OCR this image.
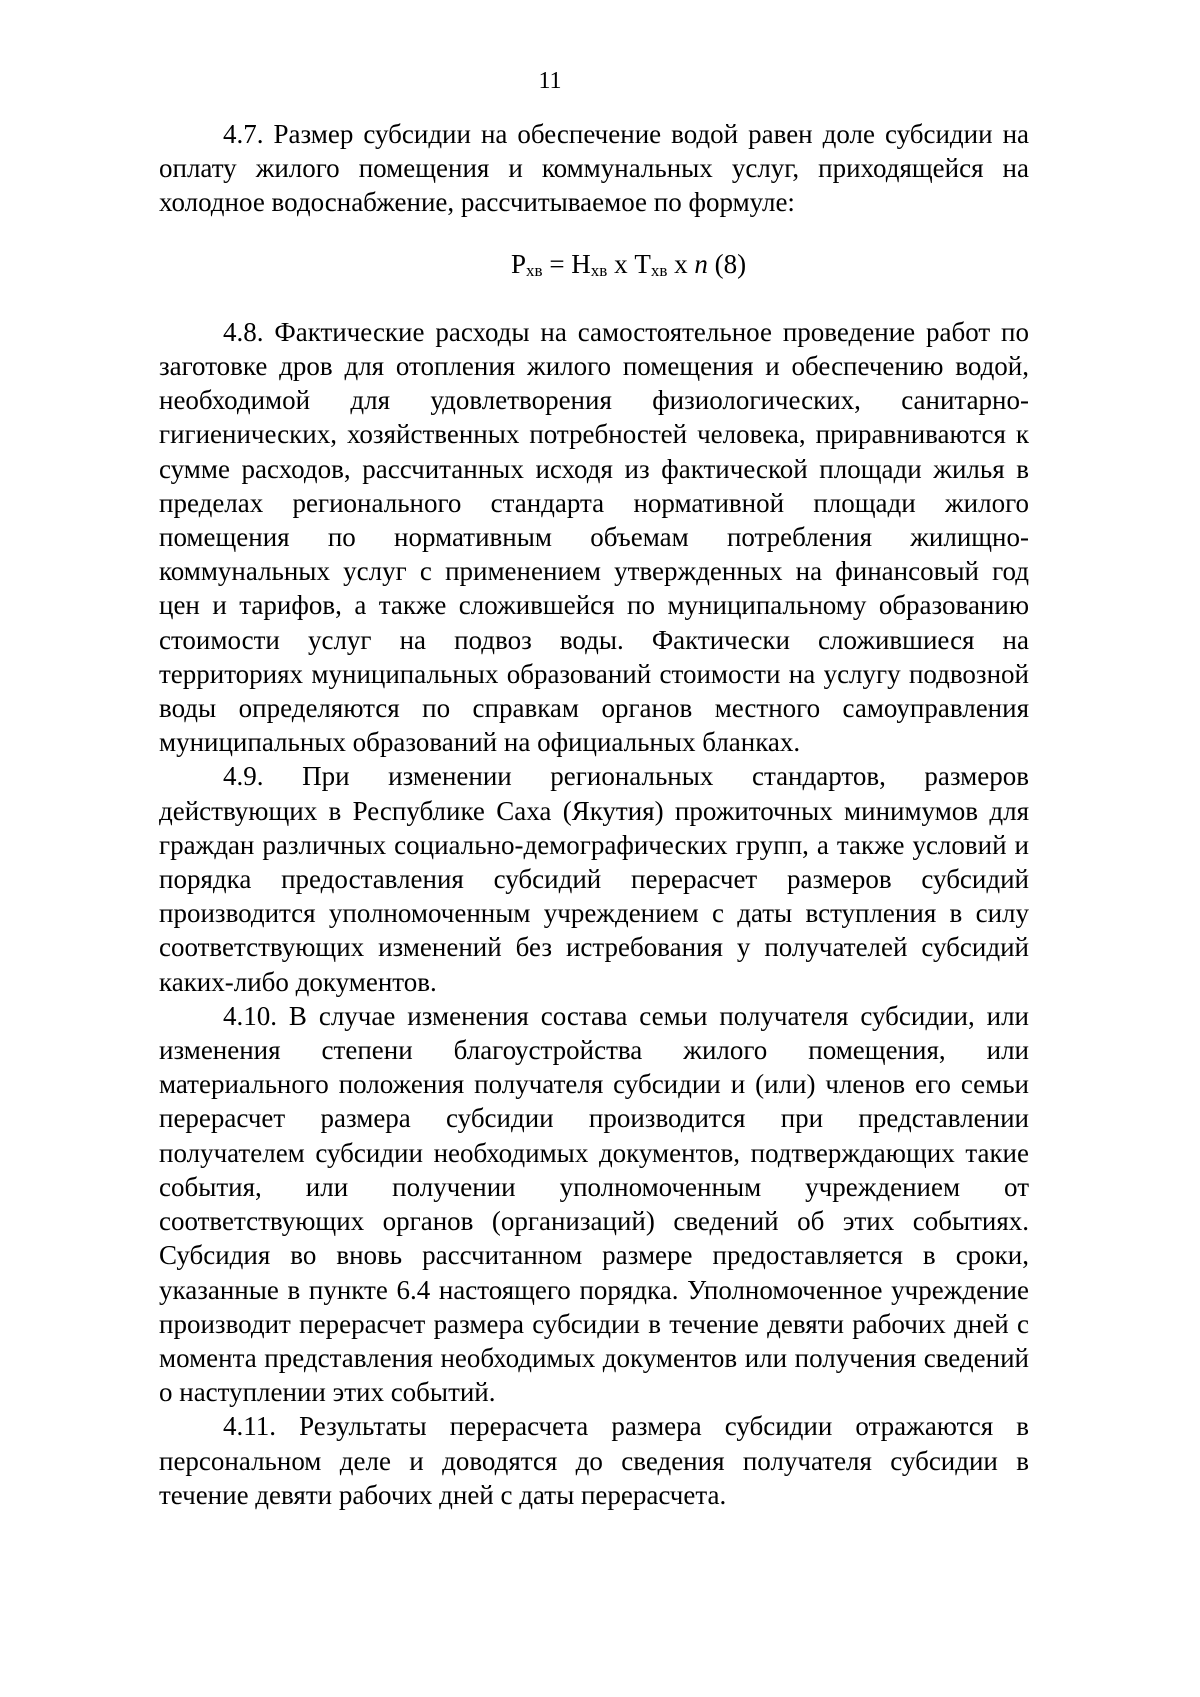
11

4.7. Размер субсидии на обеспечение водой равен доле субсидии на оплату жилого помещения и коммунальных услуг, приходящейся на холодное водоснабжение, рассчитываемое по формуле:

$Р_{хв} = Н_{хв}$ х $Т_{хв}$ х n (8)

4.8. Фактические расходы на самостоятельное проведение работ по заготовке дров для отопления жилого помещения и обеспечению водой, необходимой для удовлетворения физиологических, санитарно-гигиенических, хозяйственных потребностей человека, приравниваются к сумме расходов, рассчитанных исходя из фактической площади жилья в пределах регионального стандарта нормативной площади жилого помещения по нормативным объемам потребления жилищно-коммунальных услуг с применением утвержденных на финансовый год цен и тарифов, а также сложившейся по муниципальному образованию стоимости услуг на подвоз воды. Фактически сложившиеся на территориях муниципальных образований стоимости на услугу подвозной воды определяются по справкам органов местного самоуправления муниципальных образований на официальных бланках.

4.9. При изменении региональных стандартов, размеров действующих в Республике Саха (Якутия) прожиточных минимумов для граждан различных социально-демографических групп, а также условий и порядка предоставления субсидий перерасчет размеров субсидий производится уполномоченным учреждением с даты вступления в силу соответствующих изменений без истребования у получателей субсидий каких-либо документов.

4.10. В случае изменения состава семьи получателя субсидии, или изменения степени благоустройства жилого помещения, или материального положения получателя субсидии и (или) членов его семьи перерасчет размера субсидии производится при представлении получателем субсидии необходимых документов, подтверждающих такие события, или получении уполномоченным учреждением от соответствующих органов (организаций) сведений об этих событиях. Субсидия во вновь рассчитанном размере предоставляется в сроки, указанные в пункте 6.4 настоящего порядка. Уполномоченное учреждение производит перерасчет размера субсидии в течение девяти рабочих дней с момента представления необходимых документов или получения сведений о наступлении этих событий.

4.11. Результаты перерасчета размера субсидии отражаются в персональном деле и доводятся до сведения получателя субсидии в течение девяти рабочих дней с даты перерасчета.
